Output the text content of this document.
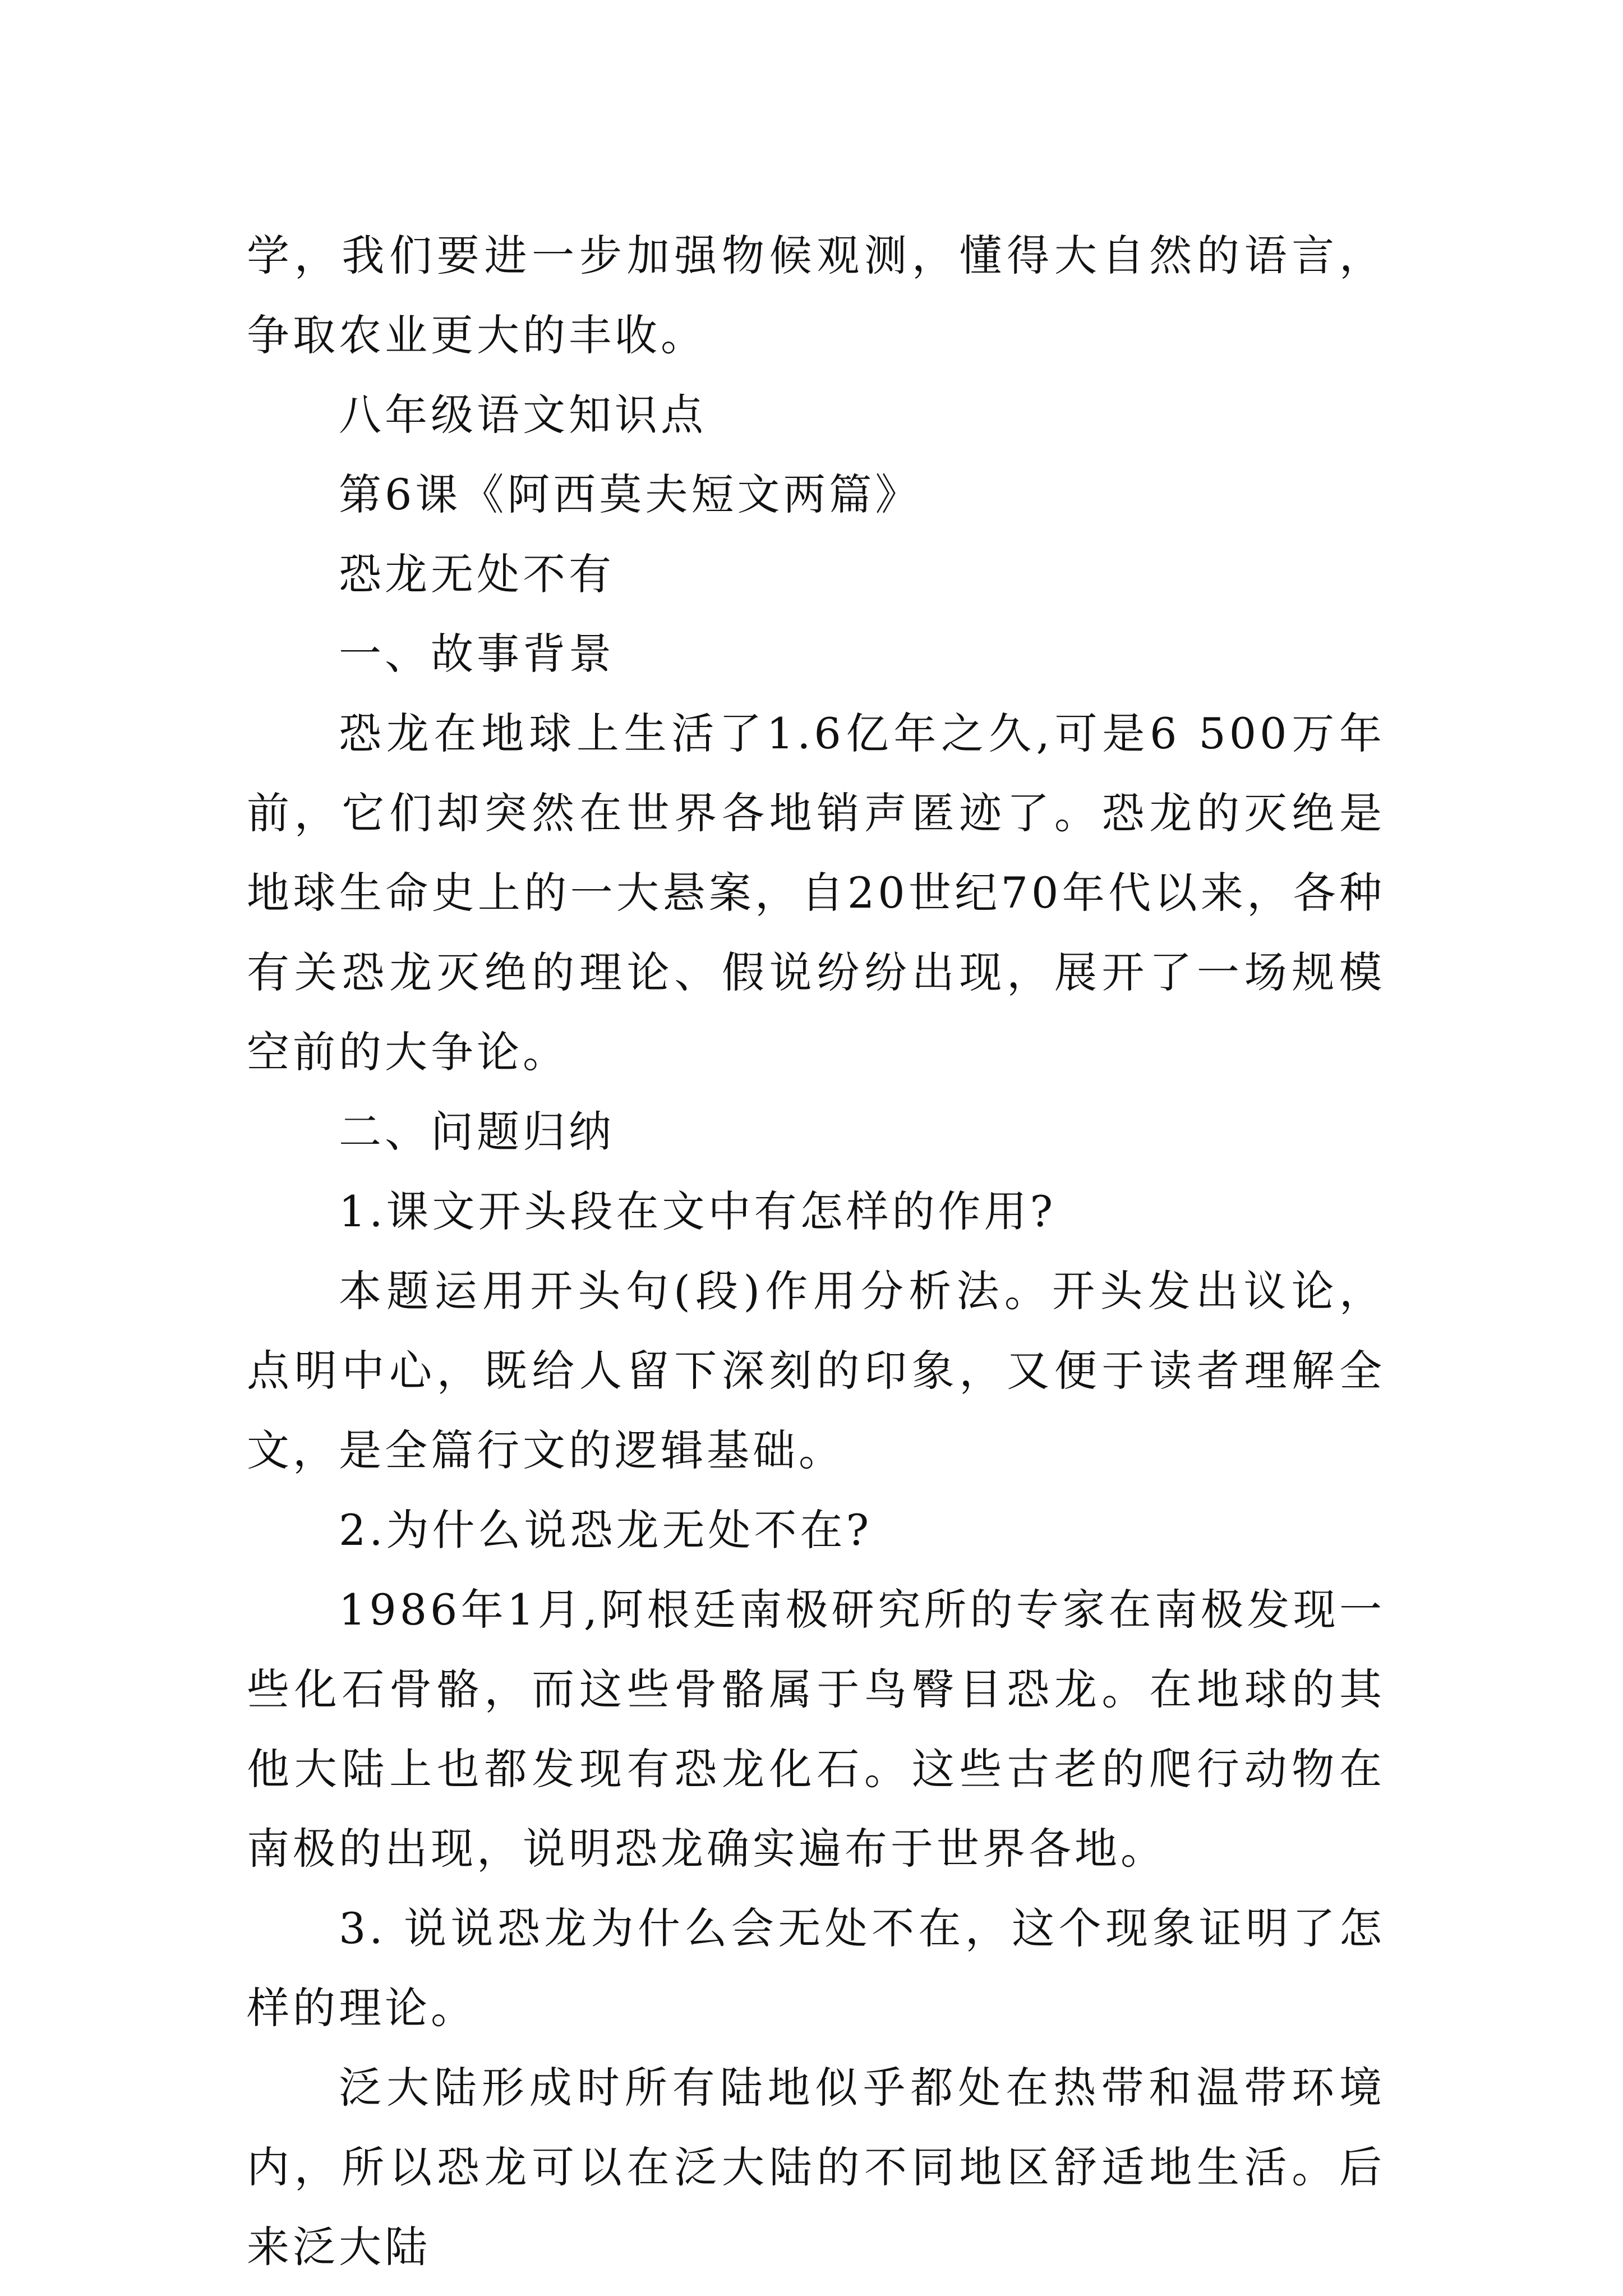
学，我们要进一步加强物候观测，懂得大自然的语言，争取农业更大的丰收。

八年级语文知识点

第6课《阿西莫夫短文两篇》

恐龙无处不有

一、故事背景

恐龙在地球上生活了1.6亿年之久,可是6 500万年前，它们却突然在世界各地销声匿迹了。恐龙的灭绝是地球生命史上的一大悬案，自20世纪70年代以来，各种有关恐龙灭绝的理论、假说纷纷出现，展开了一场规模空前的大争论。

二、问题归纳

1.课文开头段在文中有怎样的作用?

本题运用开头句(段)作用分析法。开头发出议论，点明中心，既给人留下深刻的印象，又便于读者理解全文，是全篇行文的逻辑基础。

2.为什么说恐龙无处不在?

1986年1月,阿根廷南极研究所的专家在南极发现一些化石骨骼，而这些骨骼属于鸟臀目恐龙。在地球的其他大陆上也都发现有恐龙化石。这些古老的爬行动物在南极的出现，说明恐龙确实遍布于世界各地。

3. 说说恐龙为什么会无处不在，这个现象证明了怎样的理论。

泛大陆形成时所有陆地似乎都处在热带和温带环境内，所以恐龙可以在泛大陆的不同地区舒适地生活。后来泛大陆
